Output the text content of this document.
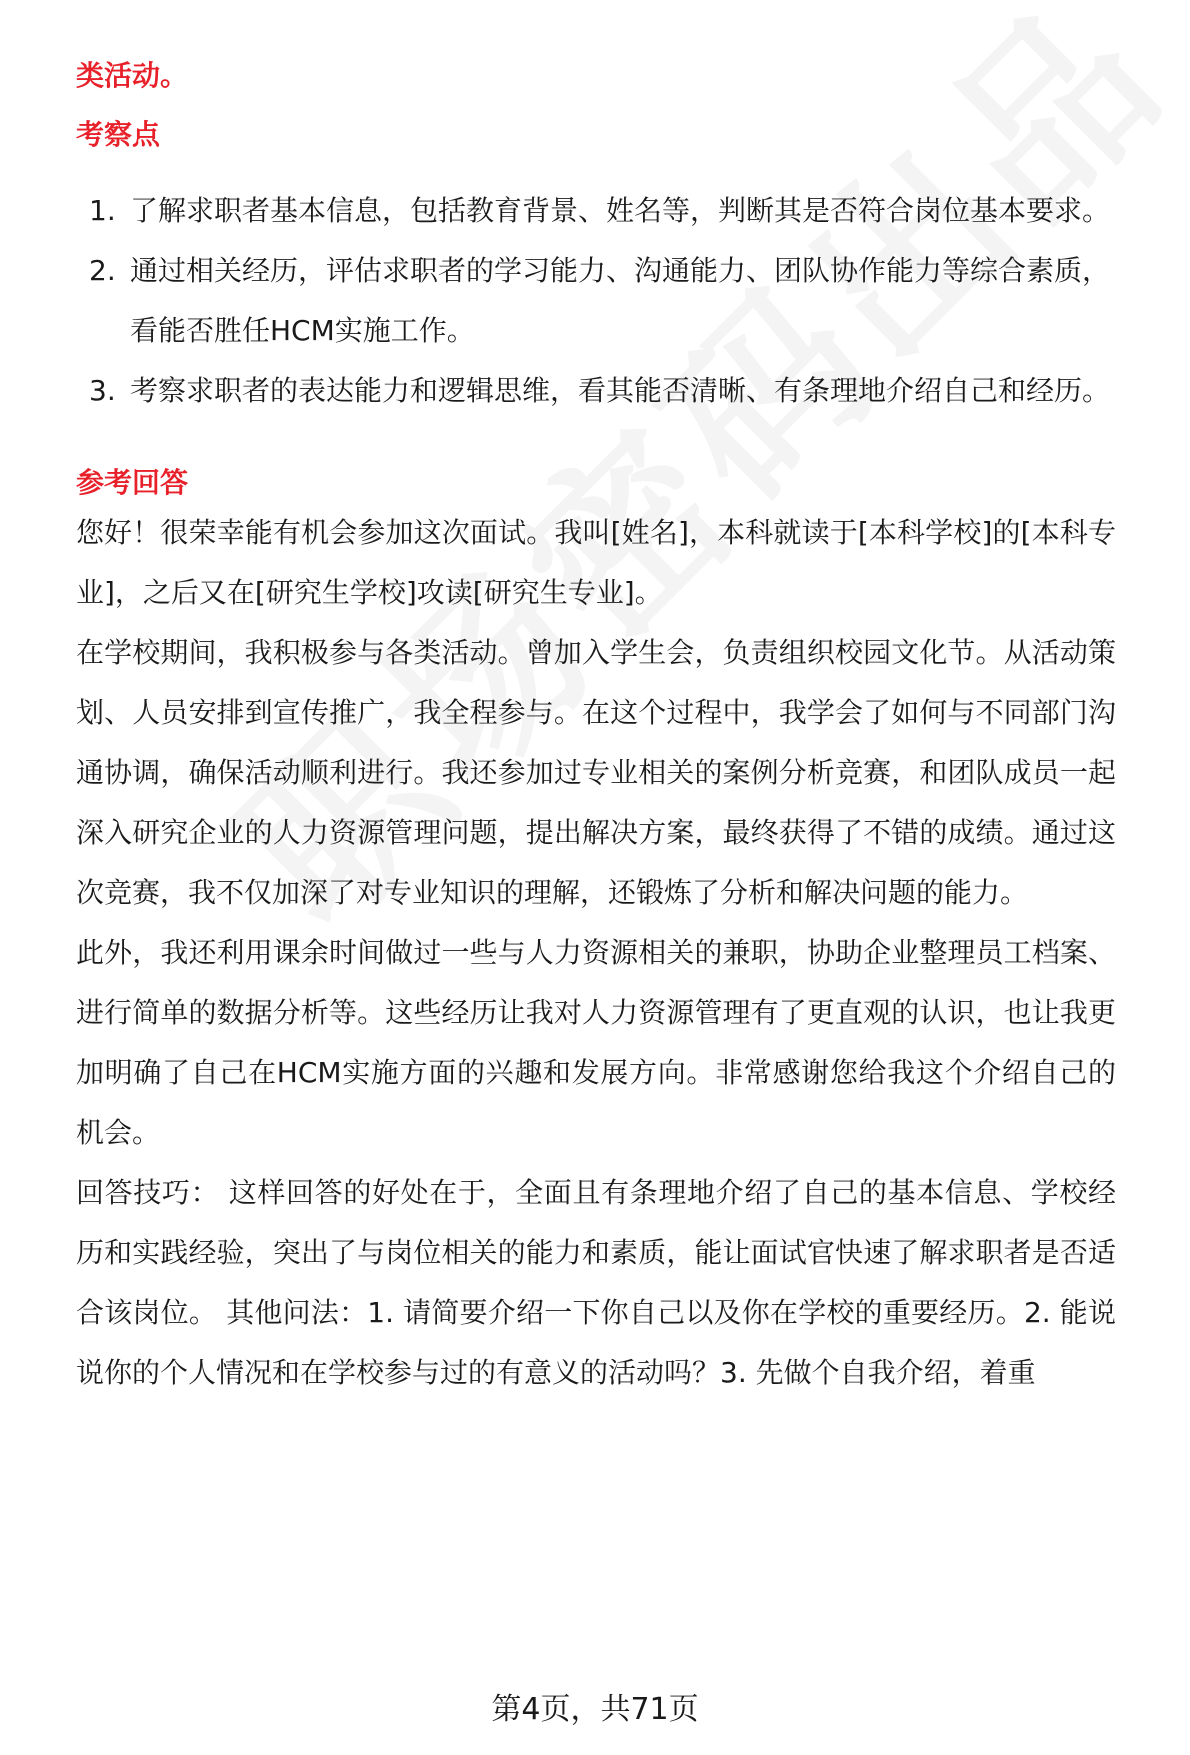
类活动。
考察点
1. 了解求职者基本信息，包括教育背景、姓名等，判断其是否符合岗位基本要求。
2. 通过相关经历，评估求职者的学习能力、沟通能力、团队协作能力等综合素质，看能否胜任HCM实施工作。
3. 考察求职者的表达能力和逻辑思维，看其能否清晰、有条理地介绍自己和经历。
参考回答

您好！很荣幸能有机会参加这次面试。我叫[姓名]，本科就读于[本科学校]的[本科专业]，之后又在[研究生学校]攻读[研究生专业]。

在学校期间，我积极参与各类活动。曾加入学生会，负责组织校园文化节。从活动策划、人员安排到宣传推广，我全程参与。在这个过程中，我学会了如何与不同部门沟通协调，确保活动顺利进行。我还参加过专业相关的案例分析竞赛，和团队成员一起深入研究企业的人力资源管理问题，提出解决方案，最终获得了不错的成绩。通过这次竞赛，我不仅加深了对专业知识的理解，还锻炼了分析和解决问题的能力。

此外，我还利用课余时间做过一些与人力资源相关的兼职，协助企业整理员工档案、进行简单的数据分析等。这些经历让我对人力资源管理有了更直观的认识，也让我更加明确了自己在HCM实施方面的兴趣和发展方向。非常感谢您给我这个介绍自己的机会。

回答技巧： 这样回答的好处在于，全面且有条理地介绍了自己的基本信息、学校经历和实践经验，突出了与岗位相关的能力和素质，能让面试官快速了解求职者是否适合该岗位。 其他问法：1. 请简要介绍一下你自己以及你在学校的重要经历。2. 能说说你的个人情况和在学校参与过的有意义的活动吗？3. 先做个自我介绍，着重

第4页，共71页
